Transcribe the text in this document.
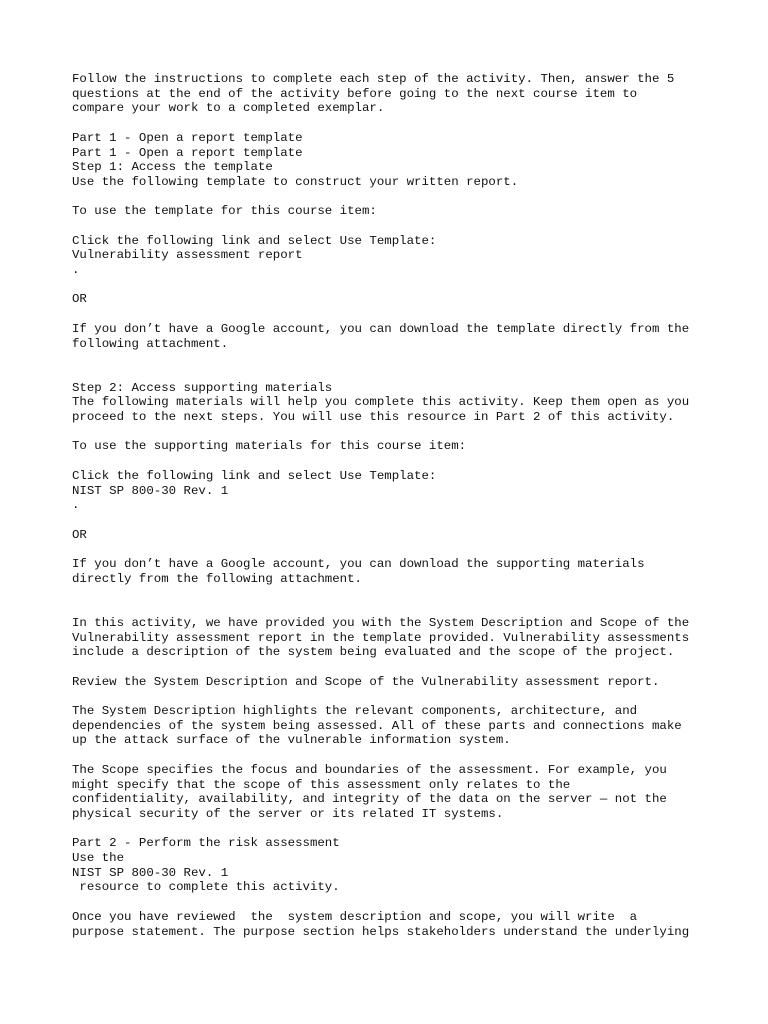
Follow the instructions to complete each step of the activity. Then, answer the 5
questions at the end of the activity before going to the next course item to
compare your work to a completed exemplar.
Part 1 - Open a report template
Part 1 - Open a report template
Step 1: Access the template
Use the following template to construct your written report.
To use the template for this course item:
Click the following link and select Use Template:
Vulnerability assessment report
.
OR
If you don’t have a Google account, you can download the template directly from the
following attachment.
Step 2: Access supporting materials
The following materials will help you complete this activity. Keep them open as you
proceed to the next steps. You will use this resource in Part 2 of this activity.
To use the supporting materials for this course item:
Click the following link and select Use Template:
NIST SP 800-30 Rev. 1
.
OR
If you don’t have a Google account, you can download the supporting materials
directly from the following attachment.
In this activity, we have provided you with the System Description and Scope of the
Vulnerability assessment report in the template provided. Vulnerability assessments
include a description of the system being evaluated and the scope of the project.
Review the System Description and Scope of the Vulnerability assessment report.
The System Description highlights the relevant components, architecture, and
dependencies of the system being assessed. All of these parts and connections make
up the attack surface of the vulnerable information system.
The Scope specifies the focus and boundaries of the assessment. For example, you
might specify that the scope of this assessment only relates to the
confidentiality, availability, and integrity of the data on the server — not the
physical security of the server or its related IT systems.
Part 2 - Perform the risk assessment
Use the
NIST SP 800-30 Rev. 1
resource to complete this activity.
Once you have reviewed  the  system description and scope, you will write  a
purpose statement. The purpose section helps stakeholders understand the underlying
